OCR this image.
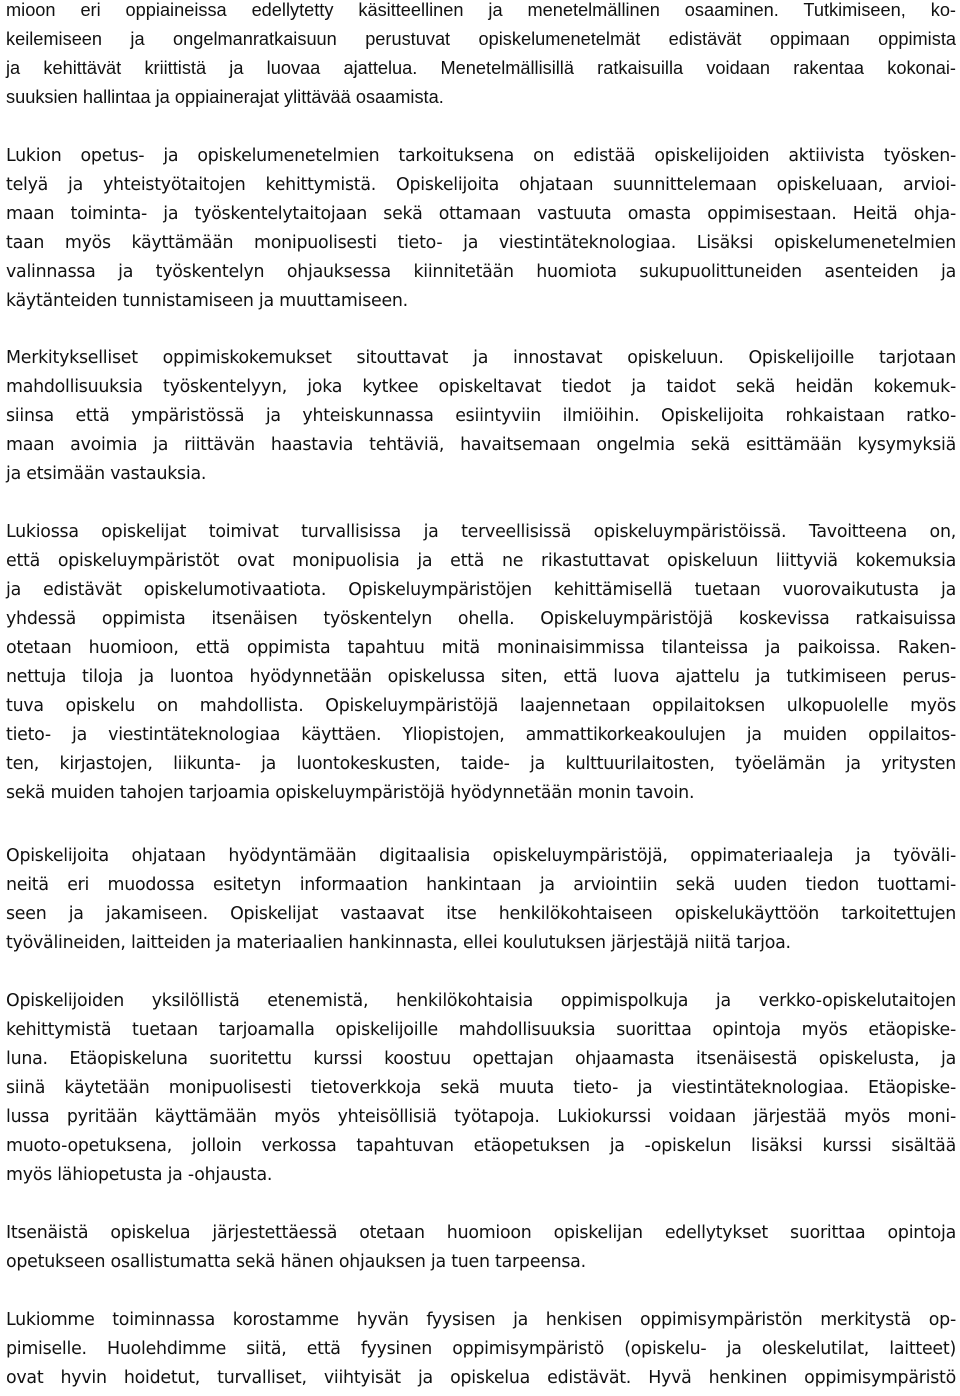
mioon eri oppiaineissa edellytetty käsitteellinen ja menetelmällinen osaaminen. Tutkimiseen, ko-
keilemiseen ja ongelmanratkaisuun perustuvat opiskelumenetelmät edistävät oppimaan oppimista
ja kehittävät kriittistä ja luovaa ajattelua. Menetelmällisillä ratkaisuilla voidaan rakentaa kokonai-
suuksien hallintaa ja oppiainerajat ylittävää osaamista.
Lukion opetus- ja opiskelumenetelmien tarkoituksena on edistää opiskelijoiden aktiivista työsken-
telyä ja yhteistyötaitojen kehittymistä. Opiskelijoita ohjataan suunnittelemaan opiskeluaan, arvioi-
maan toiminta- ja työskentelytaitojaan sekä ottamaan vastuuta omasta oppimisestaan. Heitä ohja-
taan myös käyttämään monipuolisesti tieto- ja viestintäteknologiaa. Lisäksi opiskelumenetelmien
valinnassa ja työskentelyn ohjauksessa kiinnitetään huomiota sukupuolittuneiden asenteiden ja
käytänteiden tunnistamiseen ja muuttamiseen.
Merkitykselliset oppimiskokemukset sitouttavat ja innostavat opiskeluun. Opiskelijoille tarjotaan
mahdollisuuksia työskentelyyn, joka kytkee opiskeltavat tiedot ja taidot sekä heidän kokemuk-
siinsa että ympäristössä ja yhteiskunnassa esiintyviin ilmiöihin. Opiskelijoita rohkaistaan ratko-
maan avoimia ja riittävän haastavia tehtäviä, havaitsemaan ongelmia sekä esittämään kysymyksiä
ja etsimään vastauksia.
Lukiossa opiskelijat toimivat turvallisissa ja terveellisissä opiskeluympäristöissä. Tavoitteena on,
että opiskeluympäristöt ovat monipuolisia ja että ne rikastuttavat opiskeluun liittyviä kokemuksia
ja edistävät opiskelumotivaatiota. Opiskeluympäristöjen kehittämisellä tuetaan vuorovaikutusta ja
yhdessä oppimista itsenäisen työskentelyn ohella. Opiskeluympäristöjä koskevissa ratkaisuissa
otetaan huomioon, että oppimista tapahtuu mitä moninaisimmissa tilanteissa ja paikoissa. Raken-
nettuja tiloja ja luontoa hyödynnetään opiskelussa siten, että luova ajattelu ja tutkimiseen perus-
tuva opiskelu on mahdollista. Opiskeluympäristöjä laajennetaan oppilaitoksen ulkopuolelle myös
tieto- ja viestintäteknologiaa käyttäen. Yliopistojen, ammattikorkeakoulujen ja muiden oppilaitos-
ten, kirjastojen, liikunta- ja luontokeskusten, taide- ja kulttuurilaitosten, työelämän ja yritysten
sekä muiden tahojen tarjoamia opiskeluympäristöjä hyödynnetään monin tavoin.
Opiskelijoita ohjataan hyödyntämään digitaalisia opiskeluympäristöjä, oppimateriaaleja ja työväli-
neitä eri muodossa esitetyn informaation hankintaan ja arviointiin sekä uuden tiedon tuottami-
seen ja jakamiseen. Opiskelijat vastaavat itse henkilökohtaiseen opiskelukäyttöön tarkoitettujen
työvälineiden, laitteiden ja materiaalien hankinnasta, ellei koulutuksen järjestäjä niitä tarjoa.
Opiskelijoiden yksilöllistä etenemistä, henkilökohtaisia oppimispolkuja ja verkko-opiskelutaitojen
kehittymistä tuetaan tarjoamalla opiskelijoille mahdollisuuksia suorittaa opintoja myös etäopiske-
luna. Etäopiskeluna suoritettu kurssi koostuu opettajan ohjaamasta itsenäisestä opiskelusta, ja
siinä käytetään monipuolisesti tietoverkkoja sekä muuta tieto- ja viestintäteknologiaa. Etäopiske-
lussa pyritään käyttämään myös yhteisöllisiä työtapoja. Lukiokurssi voidaan järjestää myös moni-
muoto-opetuksena, jolloin verkossa tapahtuvan etäopetuksen ja -opiskelun lisäksi kurssi sisältää
myös lähiopetusta ja -ohjausta.
Itsenäistä opiskelua järjestettäessä otetaan huomioon opiskelijan edellytykset suorittaa opintoja
opetukseen osallistumatta sekä hänen ohjauksen ja tuen tarpeensa.
Lukiomme toiminnassa korostamme hyvän fyysisen ja henkisen oppimisympäristön merkitystä op-
pimiselle. Huolehdimme siitä, että fyysinen oppimisympäristö (opiskelu- ja oleskelutilat, laitteet)
ovat hyvin hoidetut, turvalliset, viihtyisät ja opiskelua edistävät. Hyvä henkinen oppimisympäristö
